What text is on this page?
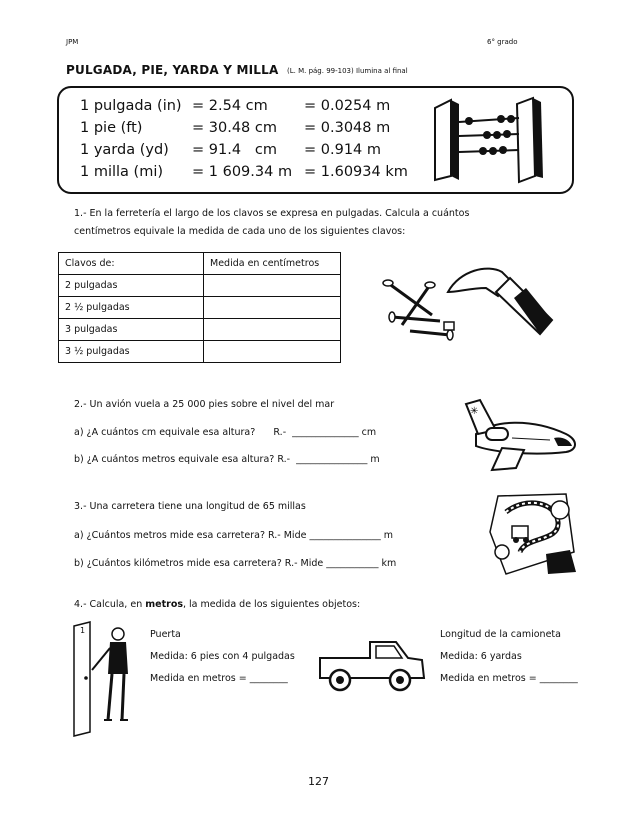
JPM	6° grado
PULGADA, PIE, YARDA Y MILLA (L. M. pág. 99-103) Ilumina al final
1 pulgada (in) = 2.54 cm	= 0.0254 m
1 pie (ft)	= 30.48 cm = 0.3048 m
1 yarda (yd) = 91.4   cm = 0.914 m
1 milla (mi) = 1 609.34 m = 1.60934 km
1.- En la ferretería el largo de los clavos se expresa en pulgadas. Calcula a cuántos
centímetros equivale la medida de cada uno de los siguientes clavos:
Clavos de:	Medida en centímetros
2 pulgadas	
2 ½ pulgadas	
3 pulgadas	
3 ½ pulgadas	
2.- Un avión vuela a 25 000 pies sobre el nivel del mar
a) ¿A cuántos cm equivale esa altura?      R.-  ______________ cm
b) ¿A cuántos metros equivale esa altura? R.-  _______________ m
✳
3.- Una carretera tiene una longitud de 65 millas
a) ¿Cuántos metros mide esa carretera? R.- Mide _______________ m
b) ¿Cuántos kilómetros mide esa carretera? R.- Mide ___________ km
4.- Calcula, en metros, la medida de los siguientes objetos:
1	Puerta
Medida: 6 pies con 4 pulgadas
Medida en metros = ________
Longitud de la camioneta
Medida: 6 yardas
Medida en metros = ________
127
